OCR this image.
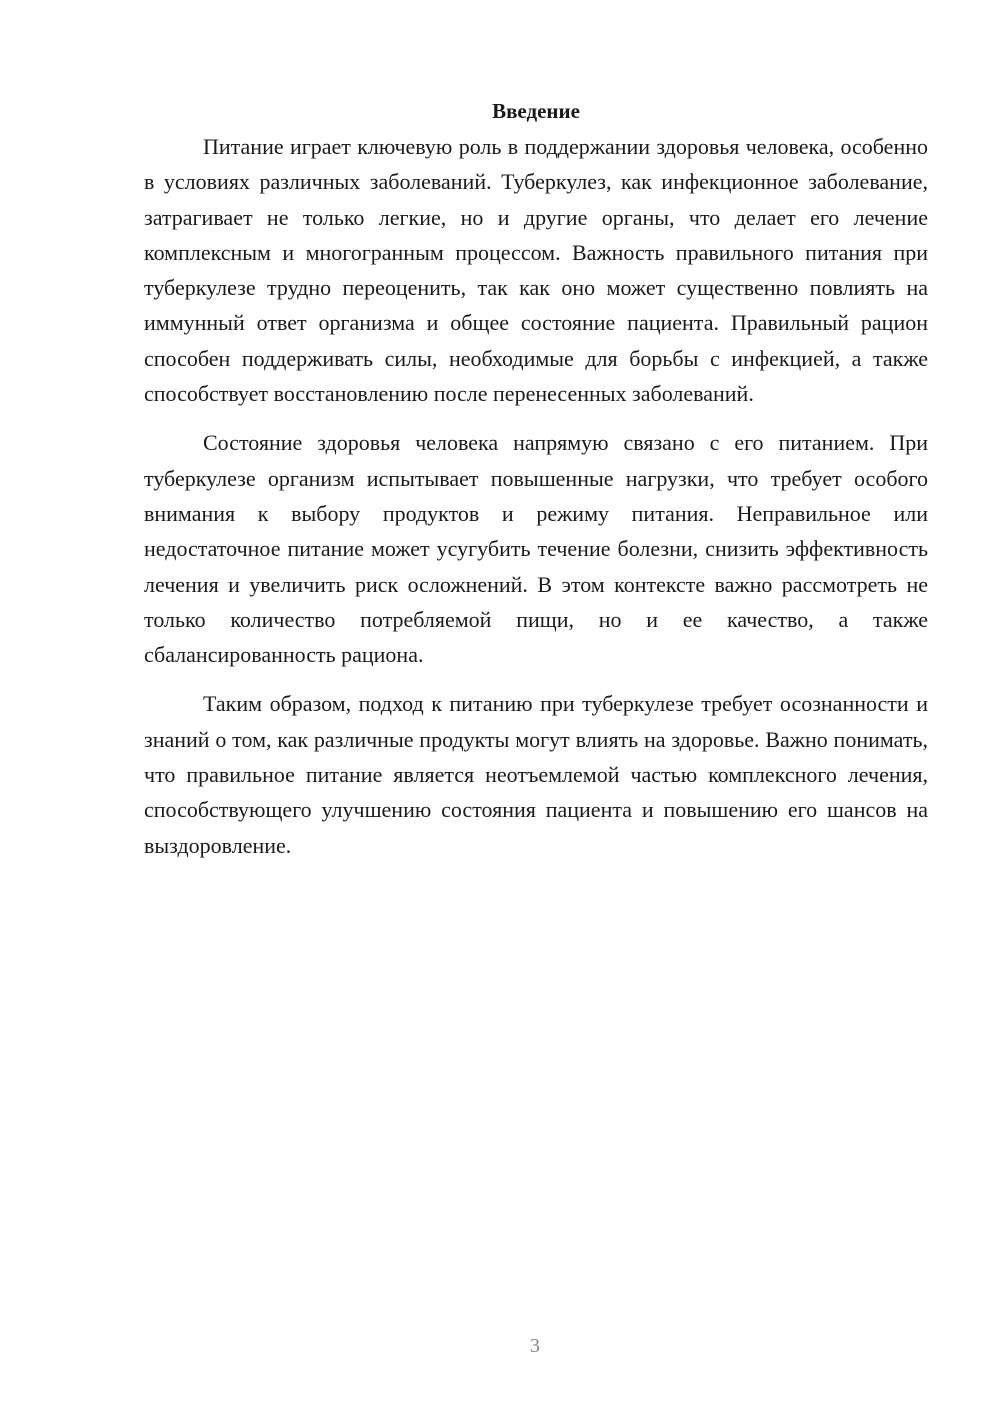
Введение

Питание играет ключевую роль в поддержании здоровья человека, особенно в условиях различных заболеваний. Туберкулез, как инфекционное заболевание, затрагивает не только легкие, но и другие органы, что делает его лечение комплексным и многогранным процессом. Важность правильного питания при туберкулезе трудно переоценить, так как оно может существенно повлиять на иммунный ответ организма и общее состояние пациента. Правильный рацион способен поддерживать силы, необходимые для борьбы с инфекцией, а также способствует восстановлению после перенесенных заболеваний.

Состояние здоровья человека напрямую связано с его питанием. При туберкулезе организм испытывает повышенные нагрузки, что требует особого внимания к выбору продуктов и режиму питания. Неправильное или недостаточное питание может усугубить течение болезни, снизить эффективность лечения и увеличить риск осложнений. В этом контексте важно рассмотреть не только количество потребляемой пищи, но и ее качество, а также сбалансированность рациона.

Таким образом, подход к питанию при туберкулезе требует осознанности и знаний о том, как различные продукты могут влиять на здоровье. Важно понимать, что правильное питание является неотъемлемой частью комплексного лечения, способствующего улучшению состояния пациента и повышению его шансов на выздоровление.

3
